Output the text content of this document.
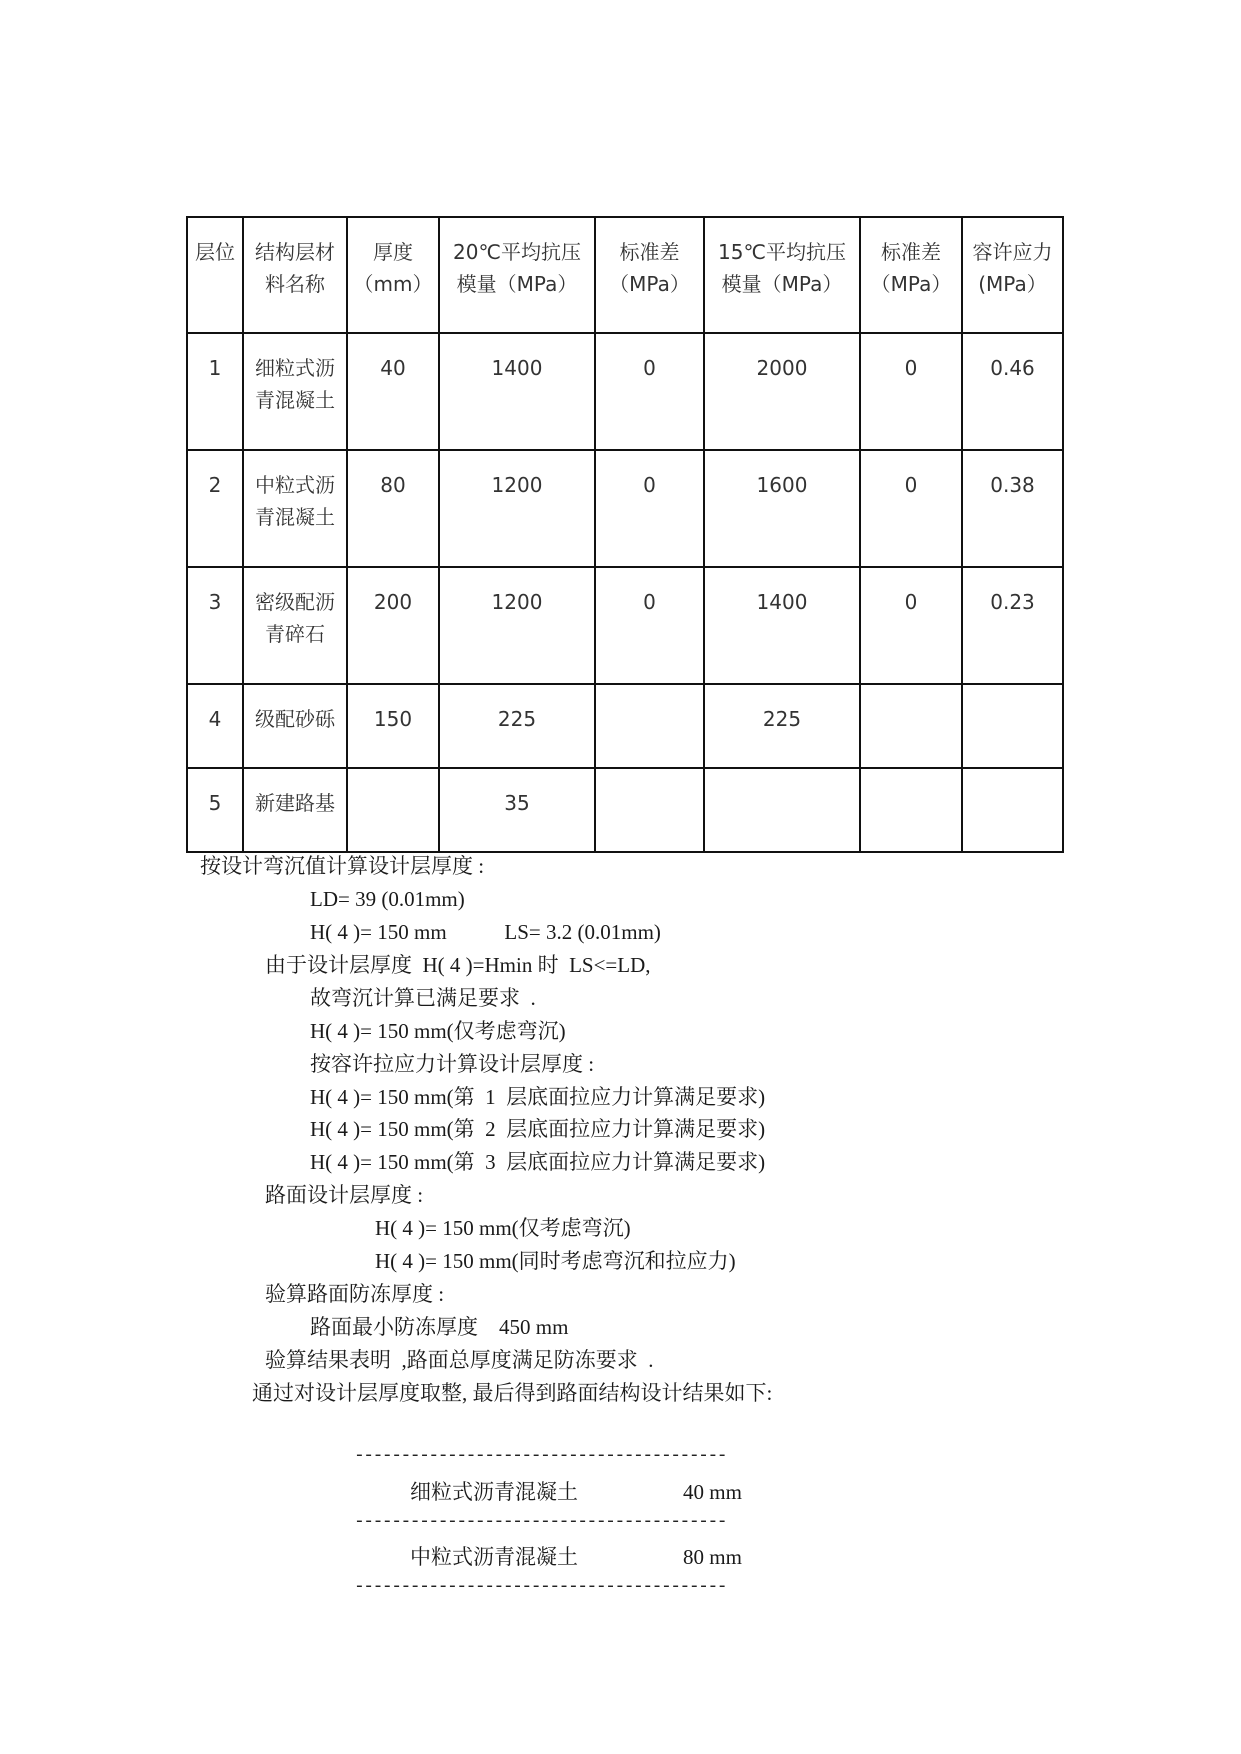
层位	结构层材料名称	厚度（mm）	20℃平均抗压模量（MPa）	标准差（MPa）	15℃平均抗压模量（MPa）	标准差（MPa）	容许应力(MPa）
1	细粒式沥青混凝土	40	1400	0	2000	0	0.46
2	中粒式沥青混凝土	80	1200	0	1600	0	0.38
3	密级配沥青碎石	200	1200	0	1400	0	0.23
4	级配砂砾	150	225		225		
5	新建路基		35				
按设计弯沉值计算设计层厚度 :
LD= 39 (0.01mm)
H( 4 )= 150 mm           LS= 3.2 (0.01mm)
由于设计层厚度  H( 4 )=Hmin 时  LS<=LD,
故弯沉计算已满足要求  .
H( 4 )= 150 mm(仅考虑弯沉)
按容许拉应力计算设计层厚度 :
H( 4 )= 150 mm(第  1  层底面拉应力计算满足要求)
H( 4 )= 150 mm(第  2  层底面拉应力计算满足要求)
H( 4 )= 150 mm(第  3  层底面拉应力计算满足要求)
路面设计层厚度 :
H( 4 )= 150 mm(仅考虑弯沉)
H( 4 )= 150 mm(同时考虑弯沉和拉应力)
验算路面防冻厚度 :
路面最小防冻厚度    450 mm
验算结果表明  ,路面总厚度满足防冻要求  .
通过对设计层厚度取整, 最后得到路面结构设计结果如下:
----------------------------------------
细粒式沥青混凝土	40 mm
----------------------------------------
中粒式沥青混凝土	80 mm
----------------------------------------
